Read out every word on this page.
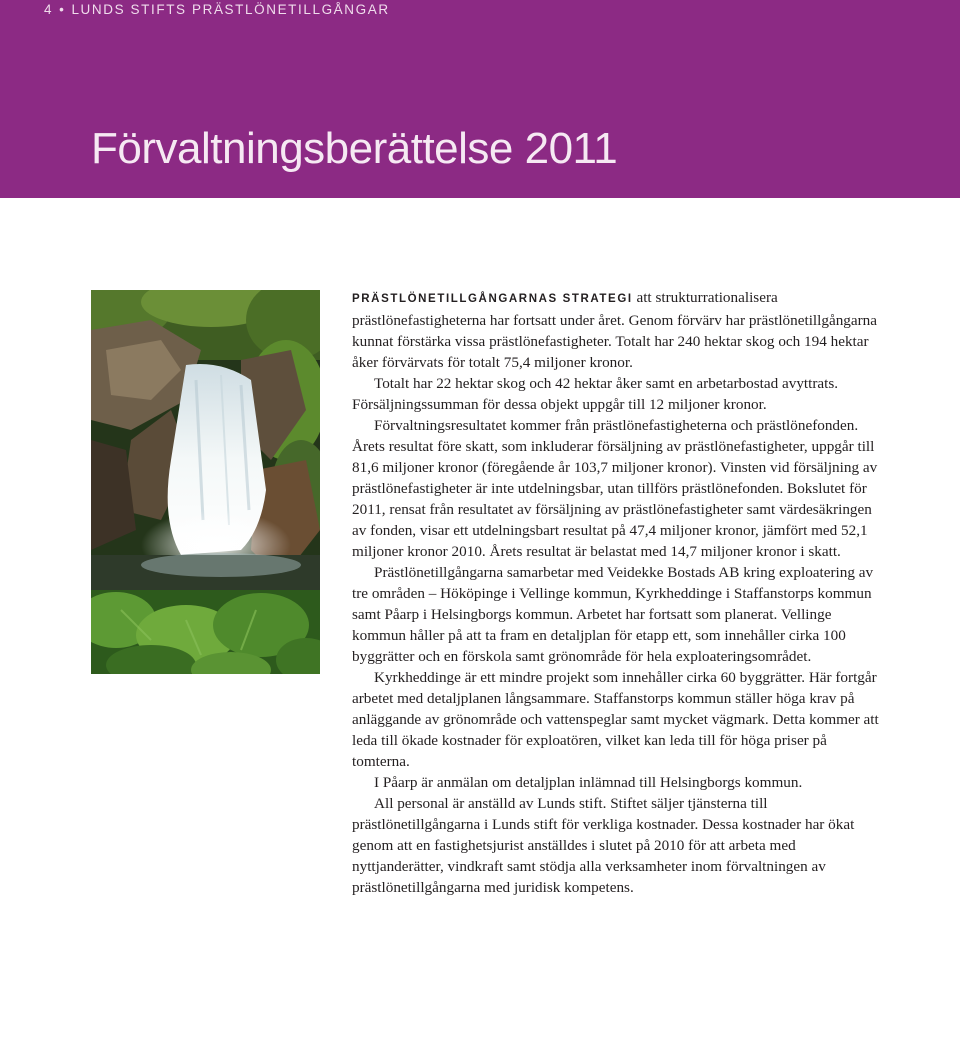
4 • LUNDS STIFTS PRÄSTLÖNETILLGÅNGAR
Förvaltningsberättelse 2011

PRÄSTLÖNETILLGÅNGARNAS STRATEGI att strukturrationalisera prästlönefastigheterna har fortsatt under året. Genom förvärv har prästlönetillgångarna kunnat förstärka vissa prästlönefastigheter. Totalt har 240 hektar skog och 194 hektar åker förvärvats för totalt 75,4 miljoner kronor.

Totalt har 22 hektar skog och 42 hektar åker samt en arbetarbostad avyttrats. Försäljningssumman för dessa objekt uppgår till 12 miljoner kronor.

Förvaltningsresultatet kommer från prästlönefastigheterna och prästlönefonden. Årets resultat före skatt, som inkluderar försäljning av prästlönefastigheter, uppgår till 81,6 miljoner kronor (föregående år 103,7 miljoner kronor). Vinsten vid försäljning av prästlönefastigheter är inte utdelningsbar, utan tillförs prästlönefonden. Bokslutet för 2011, rensat från resultatet av försäljning av prästlönefastigheter samt värdesäkringen av fonden, visar ett utdelningsbart resultat på 47,4 miljoner kronor, jämfört med 52,1 miljoner kronor 2010. Årets resultat är belastat med 14,7 miljoner kronor i skatt.

Prästlönetillgångarna samarbetar med Veidekke Bostads AB kring exploatering av tre områden – Hököpinge i Vellinge kommun, Kyrkheddinge i Staffanstorps kommun samt Påarp i Helsingborgs kommun. Arbetet har fortsatt som planerat. Vellinge kommun håller på att ta fram en detaljplan för etapp ett, som innehåller cirka 100 byggrätter och en förskola samt grönområde för hela exploateringsområdet.

Kyrkheddinge är ett mindre projekt som innehåller cirka 60 byggrätter. Här fortgår arbetet med detaljplanen långsammare. Staffanstorps kommun ställer höga krav på anläggande av grönområde och vattenspeglar samt mycket vägmark. Detta kommer att leda till ökade kostnader för exploatören, vilket kan leda till för höga priser på tomterna.

I Påarp är anmälan om detaljplan inlämnad till Helsingborgs kommun.

All personal är anställd av Lunds stift. Stiftet säljer tjänsterna till prästlönetillgångarna i Lunds stift för verkliga kostnader. Dessa kostnader har ökat genom att en fastighetsjurist anställdes i slutet på 2010 för att arbeta med nyttjanderätter, vindkraft samt stödja alla verksamheter inom förvaltningen av prästlönetillgångarna med juridisk kompetens.
